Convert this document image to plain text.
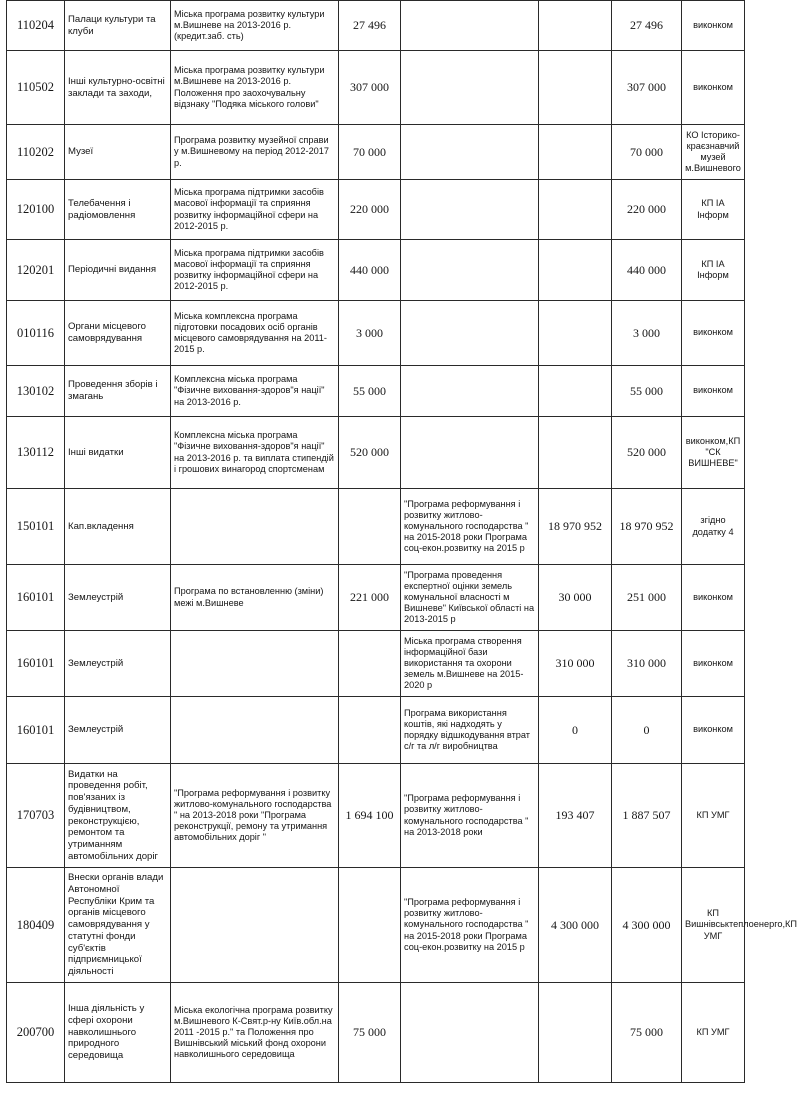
110204	Палаци культури та клуби	Міська програма розвитку культури м.Вишневе на 2013-2016 р. (кредит.заб. сть)	27 496			27 496	виконком
110502	Інші культурно-освітні заклади та заходи,	Міська програма розвитку культури м.Вишневе на 2013-2016 р. Положення про заохочувальну відзнаку "Подяка міського голови"	307 000			307 000	виконком
110202	Музеї	Програма розвитку музейної справи у м.Вишневому на період 2012-2017 р.	70 000			70 000	КО Історико-краєзнавчий музей м.Вишневого
120100	Телебачення і радіомовлення	Міська програма підтримки засобів масової інформації та сприяння розвитку інформаційної сфери на 2012-2015 р.	220 000			220 000	КП ІА Інформ
120201	Періодичні видання	Міська програма підтримки засобів масової інформації та сприяння розвитку інформаційної сфери на 2012-2015 р.	440 000			440 000	КП ІА Інформ
010116	Органи місцевого самоврядування	Міська комплексна програма підготовки посадових осіб органів місцевого самоврядування на 2011-2015 р.	3 000			3 000	виконком
130102	Проведення зборів і змагань	Комплексна міська програма "Фізичне виховання-здоров"я нації" на 2013-2016 р.	55 000			55 000	виконком
130112	Інші видатки	Комплексна міська програма "Фізичне виховання-здоров"я нації" на 2013-2016 р. та виплата стипендій і грошових винагород спортсменам	520 000			520 000	виконком,КП "СК ВИШНЕВЕ"
150101	Кап.вкладення			"Програма реформування і розвитку житлово-комунального господарства " на 2015-2018 роки Програма соц-екон.розвитку на 2015 р	18 970 952	18 970 952	згідно додатку 4
160101	Землеустрій	Програма по встановленню (зміни) межі м.Вишневе	221 000	"Програма проведення експертної оцінки земель комунальної власності м Вишневе" Київської області на 2013-2015 р	30 000	251 000	виконком
160101	Землеустрій			Міська програма створення інформаційної бази використання та охорони земель м.Вишневе на 2015-2020 р	310 000	310 000	виконком
160101	Землеустрій			Програма використання коштів, які надходять у порядку відшкодування втрат с/г та л/г виробництва	0	0	виконком
170703	Видатки на проведення робіт, пов'язаних із будівництвом, реконструкцією, ремонтом та утриманням автомобільних доріг	"Програма реформування і розвитку житлово-комунального господарства " на 2013-2018 роки "Програма реконструкції, ремону та утримання автомобільних доріг "	1 694 100	"Програма реформування і розвитку житлово-комунального господарства " на 2013-2018 роки	193 407	1 887 507	КП УМГ
180409	Внески органів влади Автономної Республіки Крим та органів місцевого самоврядування у статутні фонди суб'єктів підприємницької діяльності			"Програма реформування і розвитку житлово-комунального господарства " на 2015-2018 роки Програма соц-екон.розвитку на 2015 р	4 300 000	4 300 000	КП Вишнівськтеплоенерго,КП УМГ
200700	Інша діяльність у сфері охорони навколишнього природного середовища	Міська екологічна програма розвитку м.Вишневого К-Свят.р-ну Київ.обл.на 2011 -2015 р." та Положення про Вишнівський міський фонд охорони навколишнього середовища	75 000			75 000	КП УМГ
